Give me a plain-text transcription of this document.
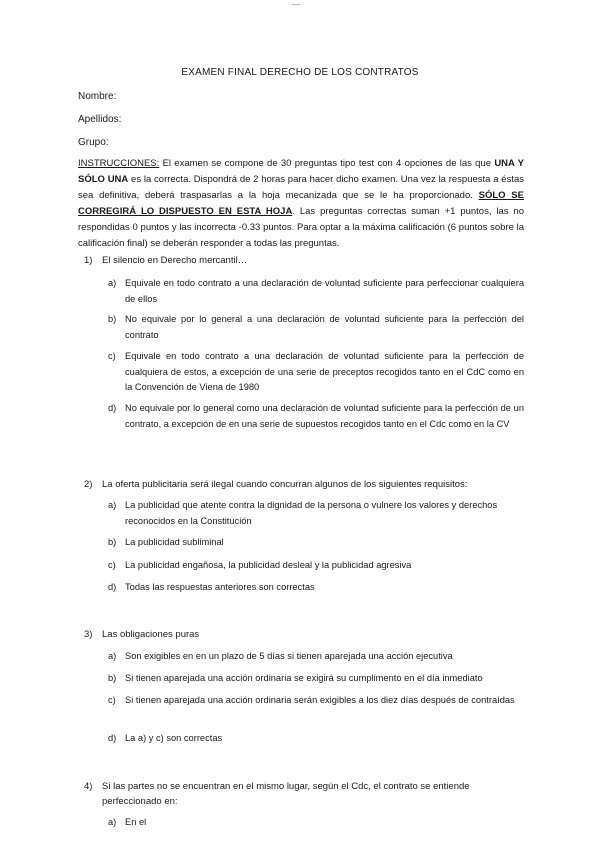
—
EXAMEN FINAL DERECHO DE LOS CONTRATOS
Nombre:
Apellidos:
Grupo:

INSTRUCCIONES: El examen se compone de 30 preguntas tipo test con 4 opciones de las que UNA Y SÓLO UNA es la correcta. Dispondrá de 2 horas para hacer dicho examen. Una vez la respuesta a éstas sea definitiva, deberá traspasarlas a la hoja mecanizada que se le ha proporcionado. SÓLO SE CORREGIRÁ LO DISPUESTO EN ESTA HOJA. Las preguntas correctas suman +1 puntos, las no respondidas 0 puntos y las incorrecta -0.33 puntos. Para optar a la máxima calificación (6 puntos sobre la calificación final) se deberán responder a todas las preguntas.

1) El silencio en Derecho mercantil…
a) Equivale en todo contrato a una declaración de voluntad suficiente para perfeccionar cualquiera de ellos
b) No equivale por lo general a una declaración de voluntad suficiente para la perfección del contrato
c) Equivale en todo contrato a una declaración de voluntad suficiente para la perfección de cualquiera de estos, a excepción de una serie de preceptos recogidos tanto en el CdC como en la Convención de Viena de 1980
d) No equivale por lo general como una declaración de voluntad suficiente para la perfección de un contrato, a excepción de en una serie de supuestos recogidos tanto en el Cdc como en la CV
2) La oferta publicitaria será ilegal cuando concurran algunos de los siguientes requisitos:
a) La publicidad que atente contra la dignidad de la persona o vulnere los valores y derechos reconocidos en la Constitución
b) La publicidad subliminal
c) La publicidad engañosa, la publicidad desleal y la publicidad agresiva
d) Todas las respuestas anteriores son correctas
3) Las obligaciones puras
a) Son exigibles en en un plazo de 5 días si tienen aparejada una acción ejecutiva
b) Si tienen aparejada una acción ordinaria se exigirá su cumplimento en el día inmediato
c) Si tienen aparejada una acción ordinaria serán exigibles a los diez días después de contraídas
d) La a) y c) son correctas
4) Si las partes no se encuentran en el mismo lugar, según el Cdc, el contrato se entiende perfeccionado en:
a) En el
